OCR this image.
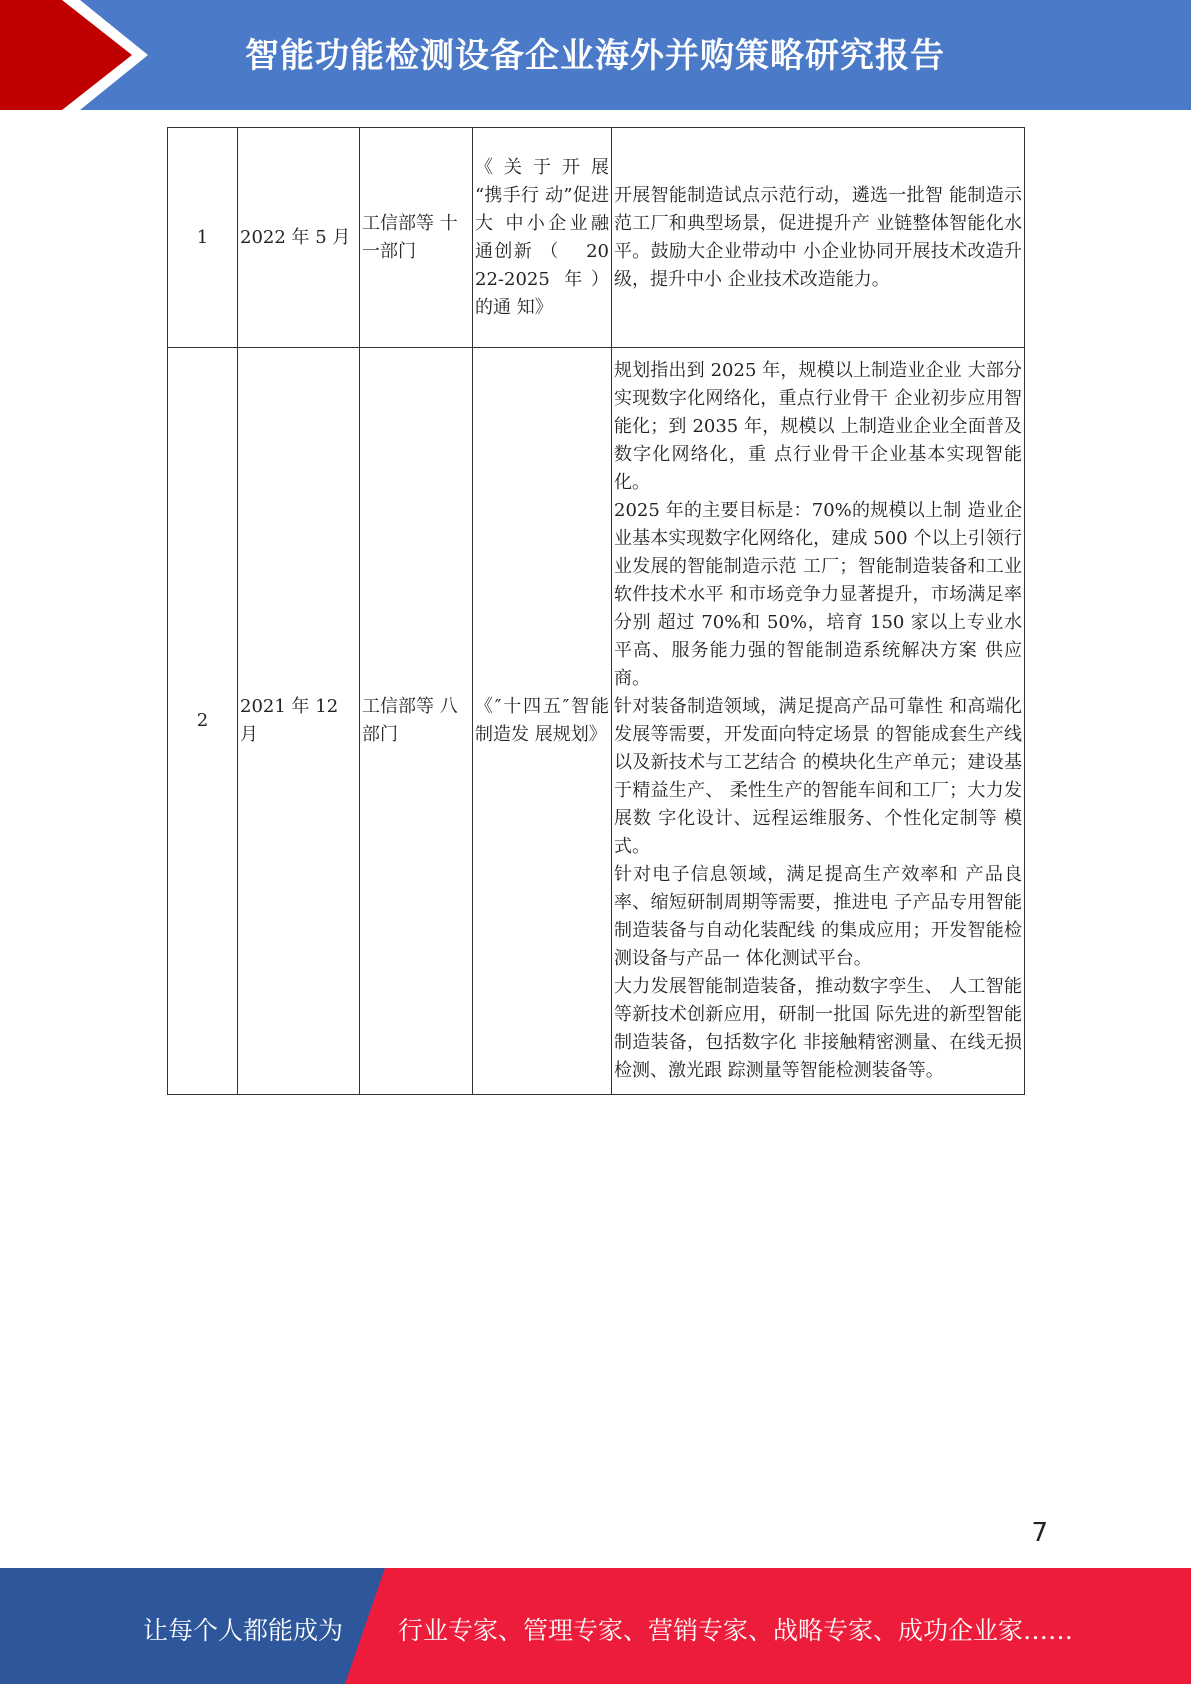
智能功能检测设备企业海外并购策略研究报告
1	2022 年 5 月	工信部等 十一部门	《 关 于 开 展 “携手行 动”促进大 中小企业融 通创新 （　 2022-2025 年）的通 知》	开展智能制造试点示范行动，遴选一批智 能制造示范工厂和典型场景，促进提升产 业链整体智能化水平。鼓励大企业带动中 小企业协同开展技术改造升级，提升中小 企业技术改造能力。

2	2021 年 12 月	工信部等 八部门	《″十四五″智能制造发 展规划》	规划指出到 2025 年，规模以上制造业企业 大部分实现数字化网络化，重点行业骨干 企业初步应用智能化；到 2035 年，规模以 上制造业企业全面普及数字化网络化，重 点行业骨干企业基本实现智能化。
2025 年的主要目标是：70%的规模以上制 造业企业基本实现数字化网络化，建成 500 个以上引领行业发展的智能制造示范 工厂；智能制造装备和工业软件技术水平 和市场竞争力显著提升，市场满足率分别 超过 70%和 50%，培育 150 家以上专业水平高、服务能力强的智能制造系统解决方案 供应商。
针对装备制造领域，满足提高产品可靠性 和高端化发展等需要，开发面向特定场景 的智能成套生产线以及新技术与工艺结合 的模块化生产单元；建设基于精益生产、 柔性生产的智能车间和工厂；大力发展数 字化设计、远程运维服务、个性化定制等 模式。
针对电子信息领域，满足提高生产效率和 产品良率、缩短研制周期等需要，推进电 子产品专用智能制造装备与自动化装配线 的集成应用；开发智能检测设备与产品一 体化测试平台。
大力发展智能制造装备，推动数字孪生、 人工智能等新技术创新应用，研制一批国 际先进的新型智能制造装备，包括数字化 非接触精密测量、在线无损检测、激光跟 踪测量等智能检测装备等。
7
让每个人都能成为 行业专家、管理专家、营销专家、战略专家、成功企业家……
